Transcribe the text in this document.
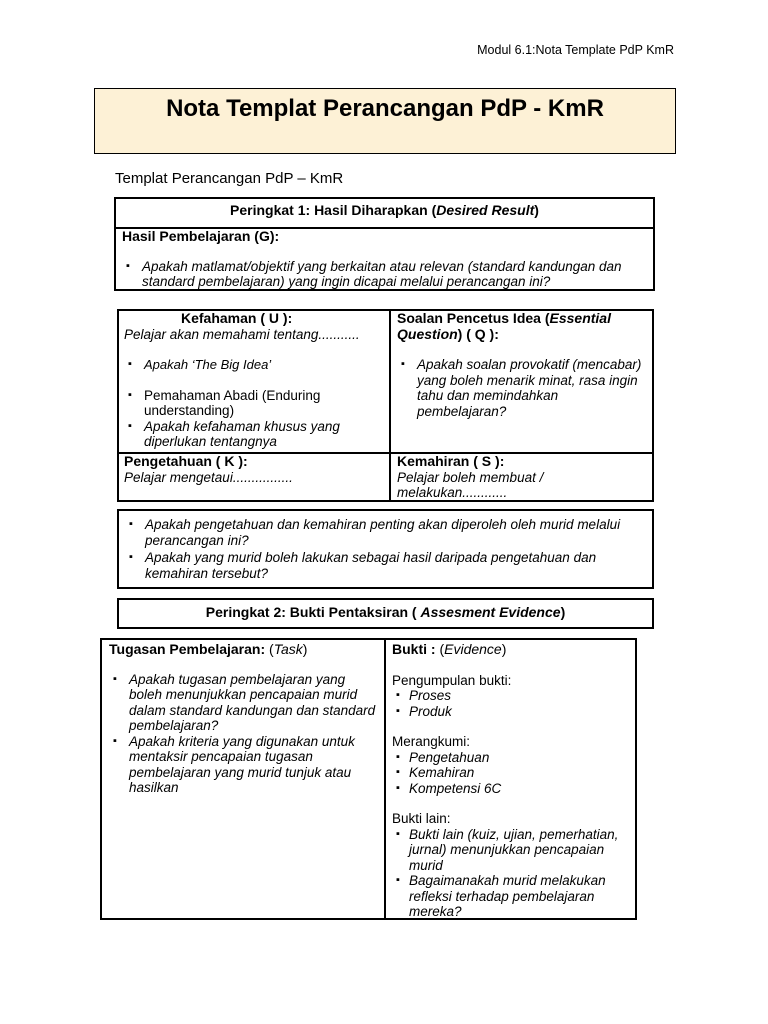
Modul 6.1:Nota Template PdP KmR
Nota Templat Perancangan PdP - KmR
Templat Perancangan PdP – KmR
Peringkat 1: Hasil Diharapkan (Desired Result)
Hasil Pembelajaran (G):
▪ Apakah matlamat/objektif yang berkaitan atau relevan (standard kandungan dan standard pembelajaran) yang ingin dicapai melalui perancangan ini?
Kefahaman ( U ):
Pelajar akan memahami tentang...........
▪ Apakah ‘The Big Idea’
▪ Pemahaman Abadi (Enduring understanding)
▪ Apakah kefahaman khusus yang diperlukan tentangnya
Soalan Pencetus Idea (Essential Question) ( Q ):
▪ Apakah soalan provokatif (mencabar) yang boleh menarik minat, rasa ingin tahu dan memindahkan pembelajaran?
Pengetahuan ( K ):
Pelajar mengetaui................
Kemahiran ( S ):
Pelajar boleh membuat / melakukan............
▪ Apakah pengetahuan dan kemahiran penting akan diperoleh oleh murid melalui perancangan ini?
▪ Apakah yang murid boleh lakukan sebagai hasil daripada pengetahuan dan kemahiran tersebut?
Peringkat 2: Bukti Pentaksiran ( Assesment Evidence)
Tugasan Pembelajaran: (Task)
▪ Apakah tugasan pembelajaran yang boleh menunjukkan pencapaian murid dalam standard kandungan dan standard pembelajaran?
▪ Apakah kriteria yang digunakan untuk mentaksir pencapaian tugasan pembelajaran yang murid tunjuk atau hasilkan
Bukti : (Evidence)
Pengumpulan bukti:
▪ Proses
▪ Produk
Merangkumi:
▪ Pengetahuan
▪ Kemahiran
▪ Kompetensi 6C
Bukti lain:
▪ Bukti lain (kuiz, ujian, pemerhatian, jurnal) menunjukkan pencapaian murid
▪ Bagaimanakah murid melakukan refleksi terhadap pembelajaran mereka?
